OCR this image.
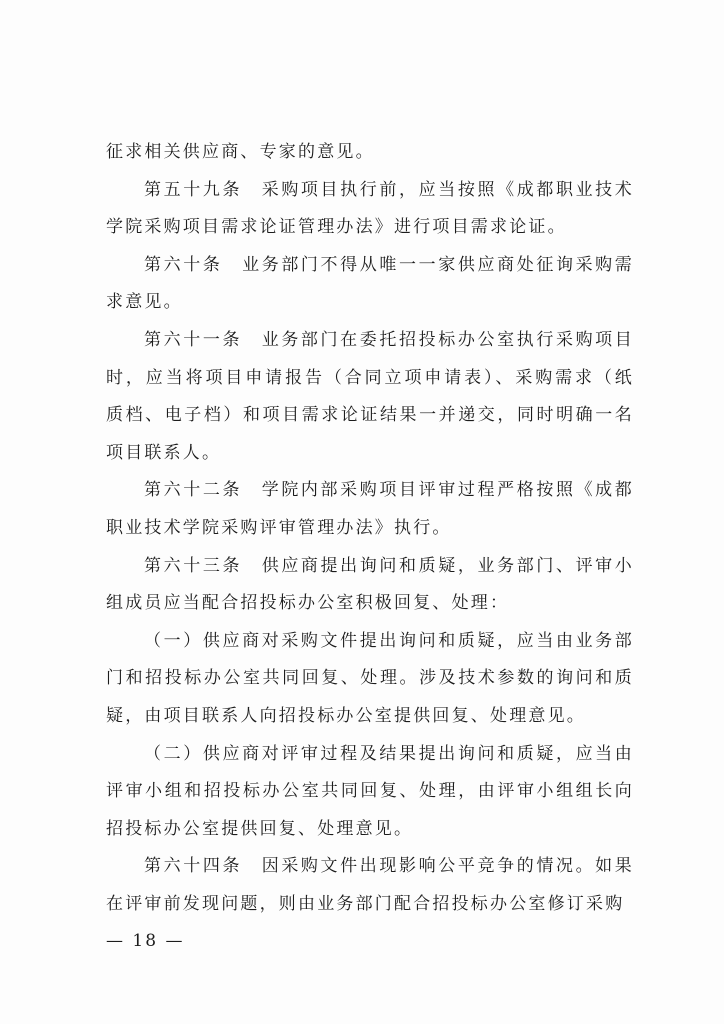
征求相关供应商、专家的意见。

第五十九条　采购项目执行前，应当按照《成都职业技术学院采购项目需求论证管理办法》进行项目需求论证。

第六十条　业务部门不得从唯一一家供应商处征询采购需求意见。

第六十一条　业务部门在委托招投标办公室执行采购项目时，应当将项目申请报告（合同立项申请表）、采购需求（纸质档、电子档）和项目需求论证结果一并递交，同时明确一名项目联系人。

第六十二条　学院内部采购项目评审过程严格按照《成都职业技术学院采购评审管理办法》执行。

第六十三条　供应商提出询问和质疑，业务部门、评审小组成员应当配合招投标办公室积极回复、处理：

（一）供应商对采购文件提出询问和质疑，应当由业务部门和招投标办公室共同回复、处理。涉及技术参数的询问和质疑，由项目联系人向招投标办公室提供回复、处理意见。

（二）供应商对评审过程及结果提出询问和质疑，应当由评审小组和招投标办公室共同回复、处理，由评审小组组长向招投标办公室提供回复、处理意见。

第六十四条　因采购文件出现影响公平竞争的情况。如果在评审前发现问题，则由业务部门配合招投标办公室修订采购

— 18 —
